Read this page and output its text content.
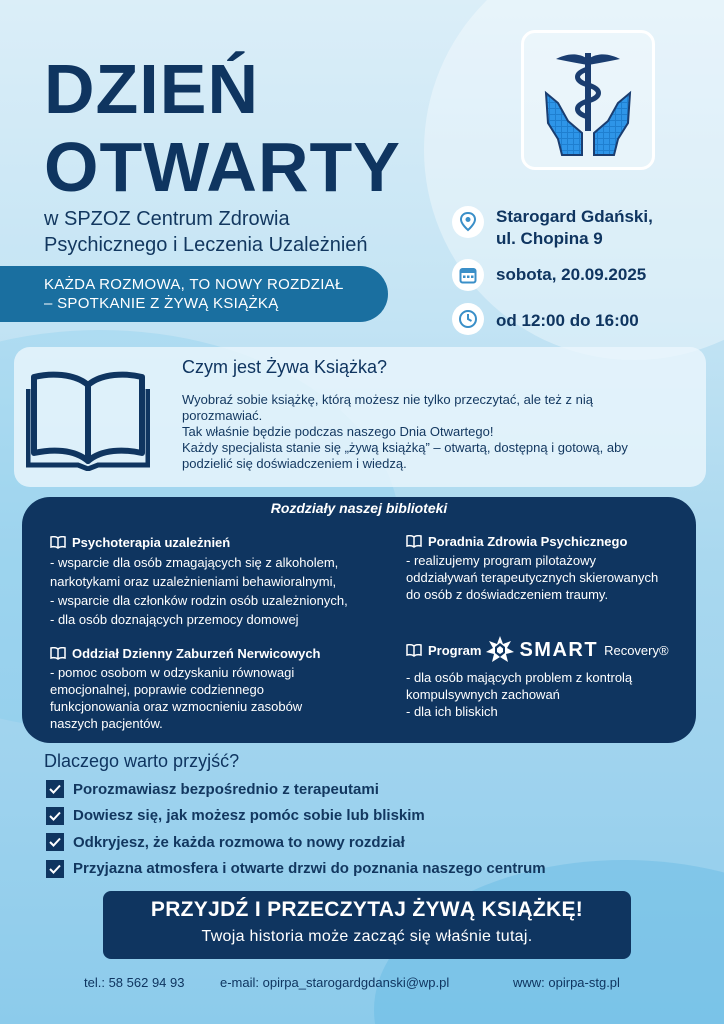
DZIEŃ
OTWARTY
w SPZOZ Centrum Zdrowia
Psychicznego i Leczenia Uzależnień
KAŻDA ROZMOWA, TO NOWY ROZDZIAŁ
– SPOTKANIE Z ŻYWĄ KSIĄŻKĄ
Starogard Gdański,
ul. Chopina 9
sobota, 20.09.2025
od 12:00 do 16:00
Czym jest Żywa Książka?
Wyobraź sobie książkę, którą możesz nie tylko przeczytać, ale też z nią
porozmawiać.
Tak właśnie będzie podczas naszego Dnia Otwartego!
Każdy specjalista stanie się „żywą książką” – otwartą, dostępną i gotową, aby
podzielić się doświadczeniem i wiedzą.
Rozdziały naszej biblioteki
Psychoterapia uzależnień
- wsparcie dla osób zmagających się z alkoholem,
narkotykami oraz uzależnieniami behawioralnymi,
- wsparcie dla członków rodzin osób uzależnionych,
- dla osób doznających przemocy domowej
Oddział Dzienny Zaburzeń Nerwicowych
- pomoc osobom w odzyskaniu równowagi
emocjonalnej, poprawie codziennego
funkcjonowania oraz wzmocnieniu zasobów
naszych pacjentów.
Poradnia Zdrowia Psychicznego
- realizujemy program pilotażowy
oddziaływań terapeutycznych skierowanych
do osób z doświadczeniem traumy.
Program SMART Recovery®
- dla osób mających problem z kontrolą
kompulsywnych zachowań
- dla ich bliskich
Dlaczego warto przyjść?
Porozmawiasz bezpośrednio z terapeutami
Dowiesz się, jak możesz pomóc sobie lub bliskim
Odkryjesz, że każda rozmowa to nowy rozdział
Przyjazna atmosfera i otwarte drzwi do poznania naszego centrum
PRZYJDŹ I PRZECZYTAJ ŻYWĄ KSIĄŻKĘ!
Twoja historia może zacząć się właśnie tutaj.
tel.: 58 562 94 93	e-mail: opirpa_starogardgdanski@wp.pl	www: opirpa-stg.pl
